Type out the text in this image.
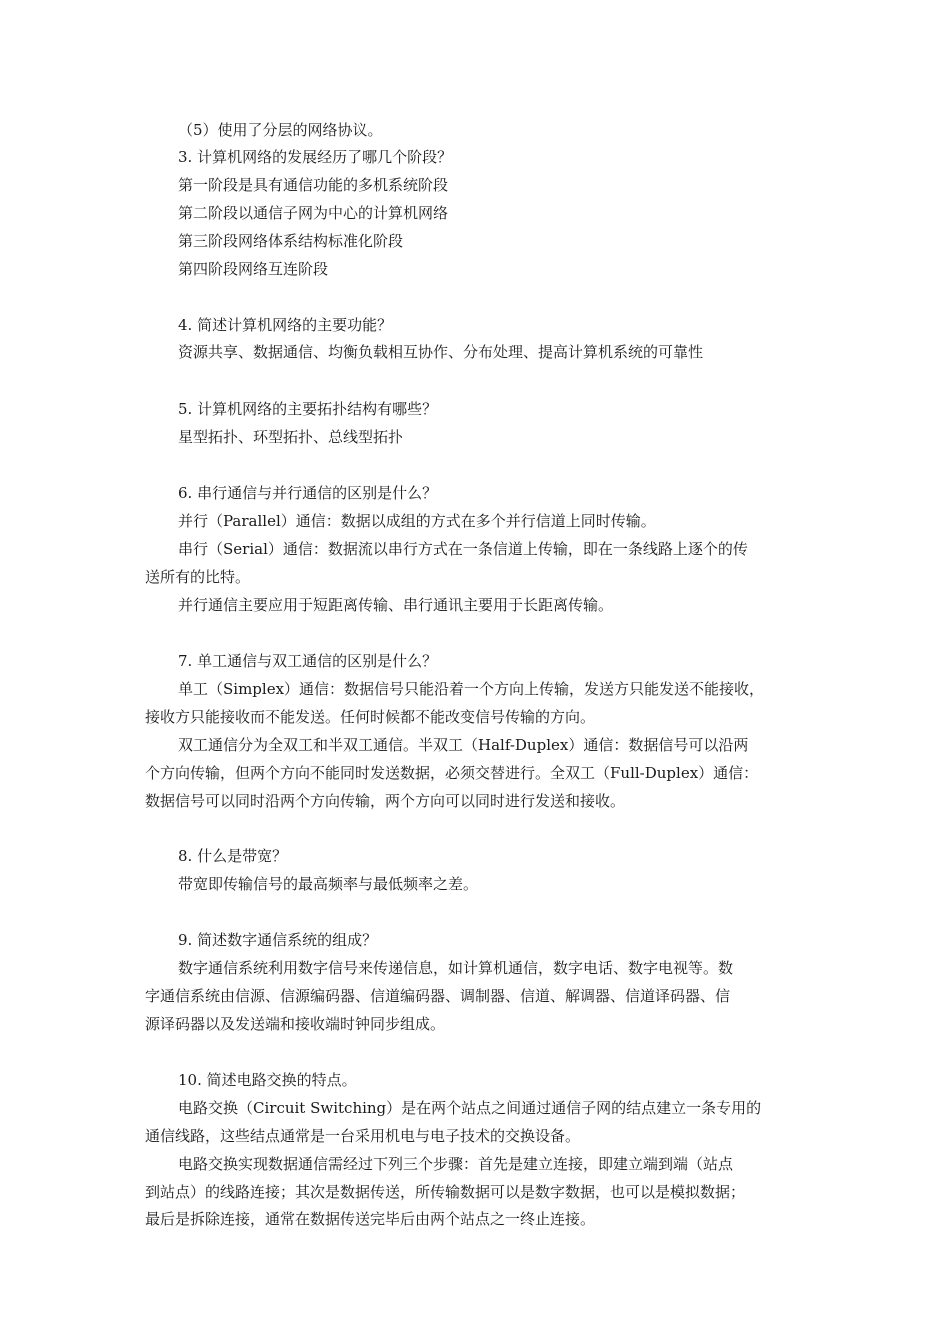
（5）使用了分层的网络协议。
3. 计算机网络的发展经历了哪几个阶段？
第一阶段是具有通信功能的多机系统阶段
第二阶段以通信子网为中心的计算机网络
第三阶段网络体系结构标准化阶段
第四阶段网络互连阶段
4. 简述计算机网络的主要功能？
资源共享、数据通信、均衡负载相互协作、分布处理、提高计算机系统的可靠性
5. 计算机网络的主要拓扑结构有哪些？
星型拓扑、环型拓扑、总线型拓扑
6. 串行通信与并行通信的区别是什么？
并行（Parallel）通信：数据以成组的方式在多个并行信道上同时传输。
串行（Serial）通信：数据流以串行方式在一条信道上传输，即在一条线路上逐个的传
送所有的比特。
并行通信主要应用于短距离传输、串行通讯主要用于长距离传输。
7. 单工通信与双工通信的区别是什么？
单工（Simplex）通信：数据信号只能沿着一个方向上传输，发送方只能发送不能接收，
接收方只能接收而不能发送。任何时候都不能改变信号传输的方向。
双工通信分为全双工和半双工通信。半双工（Half-Duplex）通信：数据信号可以沿两
个方向传输，但两个方向不能同时发送数据，必须交替进行。全双工（Full-Duplex）通信：
数据信号可以同时沿两个方向传输，两个方向可以同时进行发送和接收。
8. 什么是带宽？
带宽即传输信号的最高频率与最低频率之差。
9. 简述数字通信系统的组成？
数字通信系统利用数字信号来传递信息，如计算机通信，数字电话、数字电视等。数
字通信系统由信源、信源编码器、信道编码器、调制器、信道、解调器、信道译码器、信
源译码器以及发送端和接收端时钟同步组成。
10. 简述电路交换的特点。
电路交换（Circuit Switching）是在两个站点之间通过通信子网的结点建立一条专用的
通信线路，这些结点通常是一台采用机电与电子技术的交换设备。
电路交换实现数据通信需经过下列三个步骤：首先是建立连接，即建立端到端（站点
到站点）的线路连接；其次是数据传送，所传输数据可以是数字数据，也可以是模拟数据；
最后是拆除连接，通常在数据传送完毕后由两个站点之一终止连接。
